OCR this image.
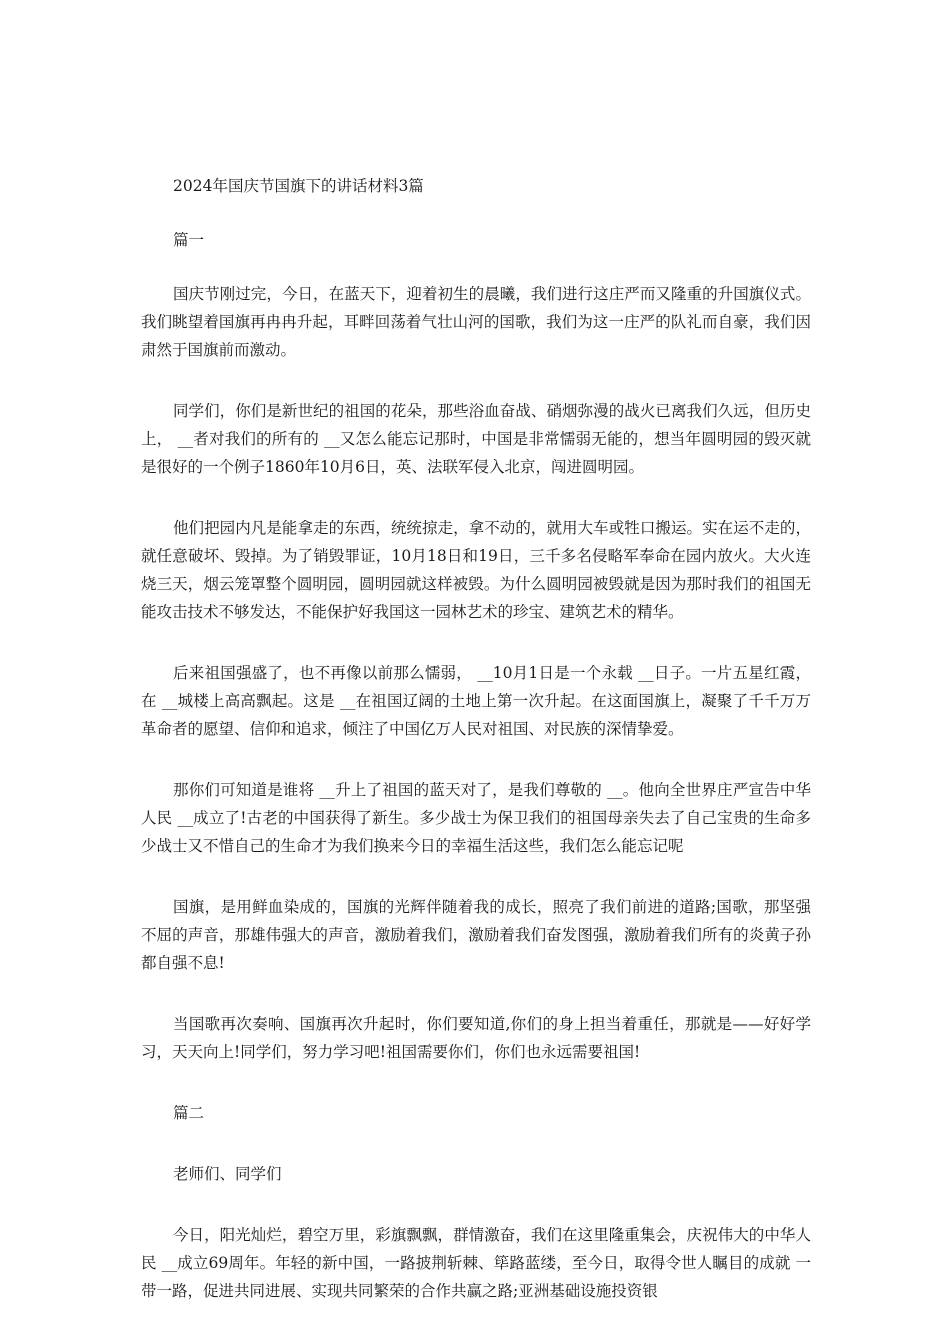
2024年国庆节国旗下的讲话材料3篇

篇一

国庆节刚过完，今日，在蓝天下，迎着初生的晨曦，我们进行这庄严而又隆重的升国旗仪式。我们眺望着国旗再冉冉升起，耳畔回荡着气壮山河的国歌，我们为这一庄严的队礼而自豪，我们因肃然于国旗前而激动。

同学们，你们是新世纪的祖国的花朵，那些浴血奋战、硝烟弥漫的战火已离我们久远，但历史上， __者对我们的所有的 __又怎么能忘记那时，中国是非常懦弱无能的，想当年圆明园的毁灭就是很好的一个例子1860年10月6日，英、法联军侵入北京，闯进圆明园。

他们把园内凡是能拿走的东西，统统掠走，拿不动的，就用大车或牲口搬运。实在运不走的，就任意破坏、毁掉。为了销毁罪证，10月18日和19日，三千多名侵略军奉命在园内放火。大火连烧三天，烟云笼罩整个圆明园，圆明园就这样被毁。为什么圆明园被毁就是因为那时我们的祖国无能攻击技术不够发达，不能保护好我国这一园林艺术的珍宝、建筑艺术的精华。

后来祖国强盛了，也不再像以前那么懦弱， __10月1日是一个永载 __日子。一片五星红霞，在 __城楼上高高飘起。这是 __在祖国辽阔的土地上第一次升起。在这面国旗上，凝聚了千千万万革命者的愿望、信仰和追求，倾注了中国亿万人民对祖国、对民族的深情挚爱。

那你们可知道是谁将 __升上了祖国的蓝天对了，是我们尊敬的 __。他向全世界庄严宣告中华人民 __成立了!古老的中国获得了新生。多少战士为保卫我们的祖国母亲失去了自己宝贵的生命多少战士又不惜自己的生命才为我们换来今日的幸福生活这些，我们怎么能忘记呢

国旗，是用鲜血染成的，国旗的光辉伴随着我的成长，照亮了我们前进的道路;国歌，那坚强不屈的声音，那雄伟强大的声音，激励着我们，激励着我们奋发图强，激励着我们所有的炎黄子孙都自强不息!

当国歌再次奏响、国旗再次升起时，你们要知道,你们的身上担当着重任，那就是——好好学习，天天向上!同学们，努力学习吧!祖国需要你们，你们也永远需要祖国!

篇二

老师们、同学们

今日，阳光灿烂，碧空万里，彩旗飘飘，群情激奋，我们在这里隆重集会，庆祝伟大的中华人民 __成立69周年。年轻的新中国，一路披荆斩棘、筚路蓝缕，至今日，取得令世人瞩目的成就 一带一路，促进共同进展、实现共同繁荣的合作共赢之路;亚洲基础设施投资银
